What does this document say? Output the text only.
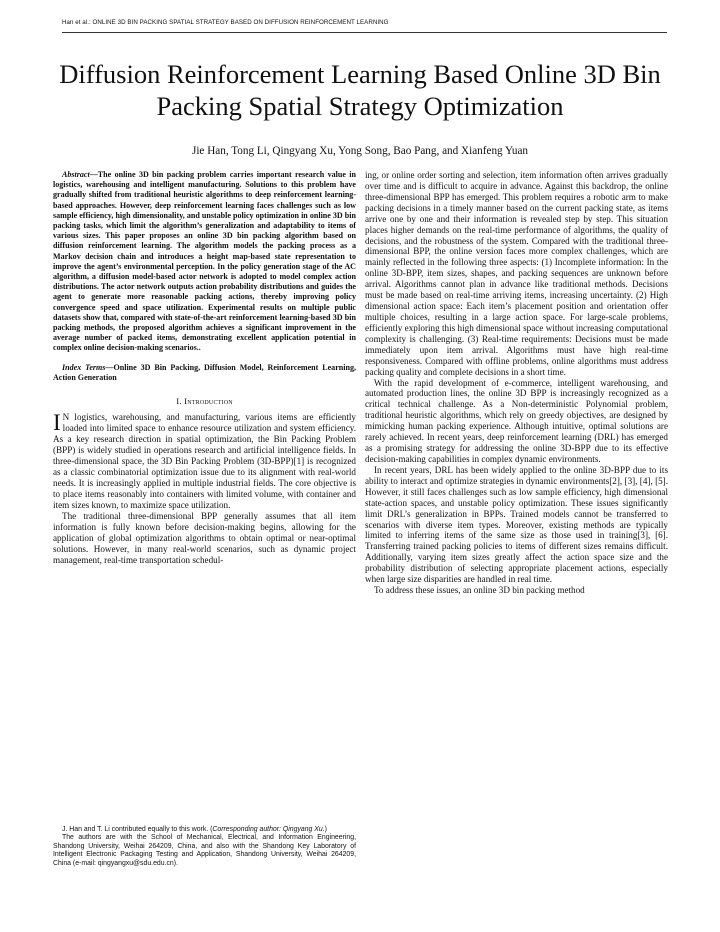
Han et al.: ONLINE 3D BIN PACKING SPATIAL STRATEGY BASED ON DIFFUSION REINFORCEMENT LEARNING
Diffusion Reinforcement Learning Based Online 3D Bin Packing Spatial Strategy Optimization
Jie Han, Tong Li, Qingyang Xu, Yong Song, Bao Pang, and Xianfeng Yuan

Abstract—The online 3D bin packing problem carries important research value in logistics, warehousing and intelligent manufacturing. Solutions to this problem have gradually shifted from traditional heuristic algorithms to deep reinforcement learning-based approaches. However, deep reinforcement learning faces challenges such as low sample efficiency, high dimensionality, and unstable policy optimization in online 3D bin packing tasks, which limit the algorithm’s generalization and adaptability to items of various sizes. This paper proposes an online 3D bin packing algorithm based on diffusion reinforcement learning. The algorithm models the packing process as a Markov decision chain and introduces a height map-based state representation to improve the agent’s environmental perception. In the policy generation stage of the AC algorithm, a diffusion model-based actor network is adopted to model complex action distributions. The actor network outputs action probability distributions and guides the agent to generate more reasonable packing actions, thereby improving policy convergence speed and space utilization. Experimental results on multiple public datasets show that, compared with state-of-the-art reinforcement learning-based 3D bin packing methods, the proposed algorithm achieves a significant improvement in the average number of packed items, demonstrating excellent application potential in complex online decision-making scenarios..

Index Terms—Online 3D Bin Packing, Diffusion Model, Reinforcement Learning, Action Generation

I. Introduction

I N logistics, warehousing, and manufacturing, various items are efficiently loaded into limited space to enhance resource utilization and system efficiency. As a key research direction in spatial optimization, the Bin Packing Problem (BPP) is widely studied in operations research and artificial intelligence fields. In three-dimensional space, the 3D Bin Packing Problem (3D-BPP)[1] is recognized as a classic combinatorial optimization issue due to its alignment with real-world needs. It is increasingly applied in multiple industrial fields. The core objective is to place items reasonably into containers with limited volume, with container and item sizes known, to maximize space utilization.

The traditional three-dimensional BPP generally assumes that all item information is fully known before decision-making begins, allowing for the application of global optimization algorithms to obtain optimal or near-optimal solutions. However, in many real-world scenarios, such as dynamic project management, real-time transportation schedul-

J. Han and T. Li contributed equally to this work. (Corresponding author: Qingyang Xu.)

The authors are with the School of Mechanical, Electrical, and Information Engineering, Shandong University, Weihai 264209, China, and also with the Shandong Key Laboratory of Intelligent Electronic Packaging Testing and Application, Shandong University, Weihai 264209, China (e-mail: qingyangxu@sdu.edu.cn).

ing, or online order sorting and selection, item information often arrives gradually over time and is difficult to acquire in advance. Against this backdrop, the online three-dimensional BPP has emerged. This problem requires a robotic arm to make packing decisions in a timely manner based on the current packing state, as items arrive one by one and their information is revealed step by step. This situation places higher demands on the real-time performance of algorithms, the quality of decisions, and the robustness of the system. Compared with the traditional three-dimensional BPP, the online version faces more complex challenges, which are mainly reflected in the following three aspects: (1) Incomplete information: In the online 3D-BPP, item sizes, shapes, and packing sequences are unknown before arrival. Algorithms cannot plan in advance like traditional methods. Decisions must be made based on real-time arriving items, increasing uncertainty. (2) High dimensional action space: Each item’s placement position and orientation offer multiple choices, resulting in a large action space. For large-scale problems, efficiently exploring this high dimensional space without increasing computational complexity is challenging. (3) Real-time requirements: Decisions must be made immediately upon item arrival. Algorithms must have high real-time responsiveness. Compared with offline problems, online algorithms must address packing quality and complete decisions in a short time.

With the rapid development of e-commerce, intelligent warehousing, and automated production lines, the online 3D BPP is increasingly recognized as a critical technical challenge. As a Non-deterministic Polynomial problem, traditional heuristic algorithms, which rely on greedy objectives, are designed by mimicking human packing experience. Although intuitive, optimal solutions are rarely achieved. In recent years, deep reinforcement learning (DRL) has emerged as a promising strategy for addressing the online 3D-BPP due to its effective decision-making capabilities in complex dynamic environments.

In recent years, DRL has been widely applied to the online 3D-BPP due to its ability to interact and optimize strategies in dynamic environments[2], [3], [4], [5]. However, it still faces challenges such as low sample efficiency, high dimensional state-action spaces, and unstable policy optimization. These issues significantly limit DRL’s generalization in BPPs. Trained models cannot be transferred to scenarios with diverse item types. Moreover, existing methods are typically limited to inferring items of the same size as those used in training[3], [6]. Transferring trained packing policies to items of different sizes remains difficult. Additionally, varying item sizes greatly affect the action space size and the probability distribution of selecting appropriate placement actions, especially when large size disparities are handled in real time.

To address these issues, an online 3D bin packing method
